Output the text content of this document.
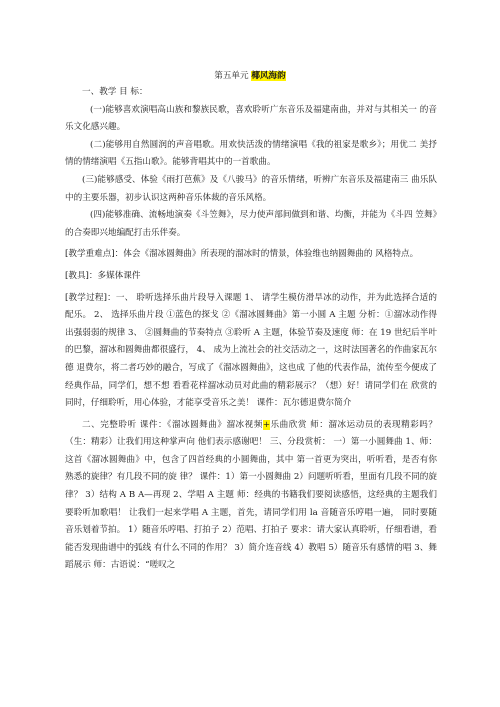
第五单元 椰风海韵

一、教学 目 标：

(一)能够喜欢演唱高山族和黎族民歌，喜欢聆听广东音乐及福建南曲，并对与其相关一 的音乐文化感兴趣。

(二)能够用自然圆润的声音唱歌。用欢快活泼的情绪演唱《我的祖家是歌乡》；用优二 美抒情的情绪演唱《五指山歌》。能够背唱其中的一首歌曲。

(三)能够感受、体验《雨打芭蕉》及《八骏马》的音乐情绪，听辨广东音乐及福建南三 曲乐队中的主要乐器，初步认识这两种音乐体裁的音乐风格。

(四)能够准确、流畅地演奏《斗笠舞》，尽力使声部间做到和谐、均衡，并能为《斗四 笠舞》的合奏即兴地编配打击乐伴奏。

[教学重难点]：体会《溜冰圆舞曲》所表现的溜冰时的情景，体验维也纳圆舞曲的 风格特点。

[教具]：多媒体课件

[教学过程]：一、 聆听选择乐曲片段导入课题 1、 请学生模仿滑旱冰的动作，并为此选择合适的配乐。 2、 选择乐曲片段 ①蓝色的探戈 ②《溜冰圆舞曲》第一小圆 A 主题 分析：①溜冰动作得出强弱弱的规律 3、 ②圆舞曲的节奏特点 ③聆听 A 主题，体验节奏及速度 师：在 19 世纪后半叶的巴黎，溜冰和圆舞曲都很盛行， 4、 成为上流社会的社交活动之一，这时法国著名的作曲家瓦尔德 退费尔，将二者巧妙的融合，写成了《溜冰圆舞曲》，这也成 了他的代表作品，流传至今便成了经典作品，同学们，想不想 看看花样溜冰动员对此曲的精彩展示？（想）好！请同学们在 欣赏的同时，仔细聆听，用心体验，才能享受音乐之美！ 课件：瓦尔德退费尔简介

二、完整聆听 课件：《溜冰圆舞曲》溜冰视频+乐曲欣赏 师：溜冰运动员的表现精彩吗？（生：精彩）让我们用这种掌声向 他们表示感谢吧！ 三、分段赏析： 一）第一小圆舞曲 1、师：这首《溜冰圆舞曲》中，包含了四首经典的小圆舞曲，其中 第一首更为突出，听听看，是否有你熟悉的旋律？有几段不同的旋 律？ 课件：1）第一小圆舞曲 2）问题听听看，里面有几段不同的旋律？ 3）结构 A B A—再现 2、学唱 A 主题 师：经典的书籍我们要阅读感悟，这经典的主题我们要聆听加歌唱！ 让我们一起来学唱 A 主题，首先，请同学们用 la 音随音乐哼唱一遍， 同时要随音乐划着节拍。 1）随音乐哼唱、打拍子 2）范唱、打拍子 要求：请大家认真聆听，仔细看谱，看能否发现曲谱中的弧线 有什么不同的作用？ 3）简介连音线 4）教唱 5）随音乐有感情的唱 3、舞蹈展示 师：古语说：“嗟叹之
